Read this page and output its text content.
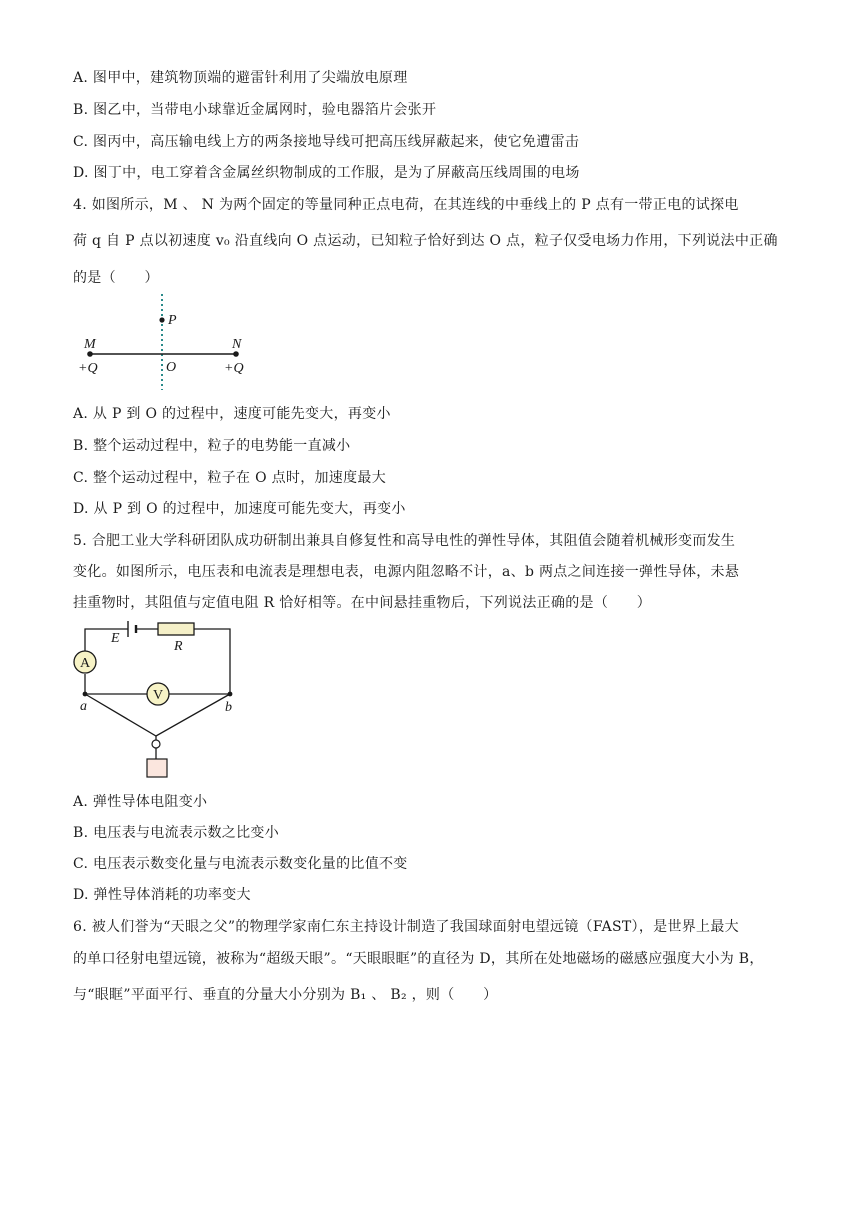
A. 图甲中，建筑物顶端的避雷针利用了尖端放电原理
B. 图乙中，当带电小球靠近金属网时，验电器箔片会张开
C. 图丙中，高压输电线上方的两条接地导线可把高压线屏蔽起来，使它免遭雷击
D. 图丁中，电工穿着含金属丝织物制成的工作服，是为了屏蔽高压线周围的电场
4. 如图所示，M 、 N 为两个固定的等量同种正点电荷，在其连线的中垂线上的 P 点有一带正电的试探电
荷 q 自 P 点以初速度 v₀ 沿直线向 O 点运动，已知粒子恰好到达 O 点，粒子仅受电场力作用，下列说法中正确
的是（　　）
P
M	N
O
+Q	+Q
A. 从 P 到 O 的过程中，速度可能先变大，再变小
B. 整个运动过程中，粒子的电势能一直减小
C. 整个运动过程中，粒子在 O 点时，加速度最大
D. 从 P 到 O 的过程中，加速度可能先变大，再变小
5. 合肥工业大学科研团队成功研制出兼具自修复性和高导电性的弹性导体，其阻值会随着机械形变而发生
变化。如图所示，电压表和电流表是理想电表，电源内阻忽略不计，a、b 两点之间连接一弹性导体，未悬
挂重物时，其阻值与定值电阻 R 恰好相等。在中间悬挂重物后，下列说法正确的是（　　）
E
R
A
V
a	b
A. 弹性导体电阻变小
B. 电压表与电流表示数之比变小
C. 电压表示数变化量与电流表示数变化量的比值不变
D. 弹性导体消耗的功率变大
6. 被人们誉为“天眼之父”的物理学家南仁东主持设计制造了我国球面射电望远镜（FAST），是世界上最大
的单口径射电望远镜，被称为“超级天眼”。“天眼眼眶”的直径为 D，其所在处地磁场的磁感应强度大小为 B，
与“眼眶”平面平行、垂直的分量大小分别为 B₁ 、 B₂ ，则（　　）
